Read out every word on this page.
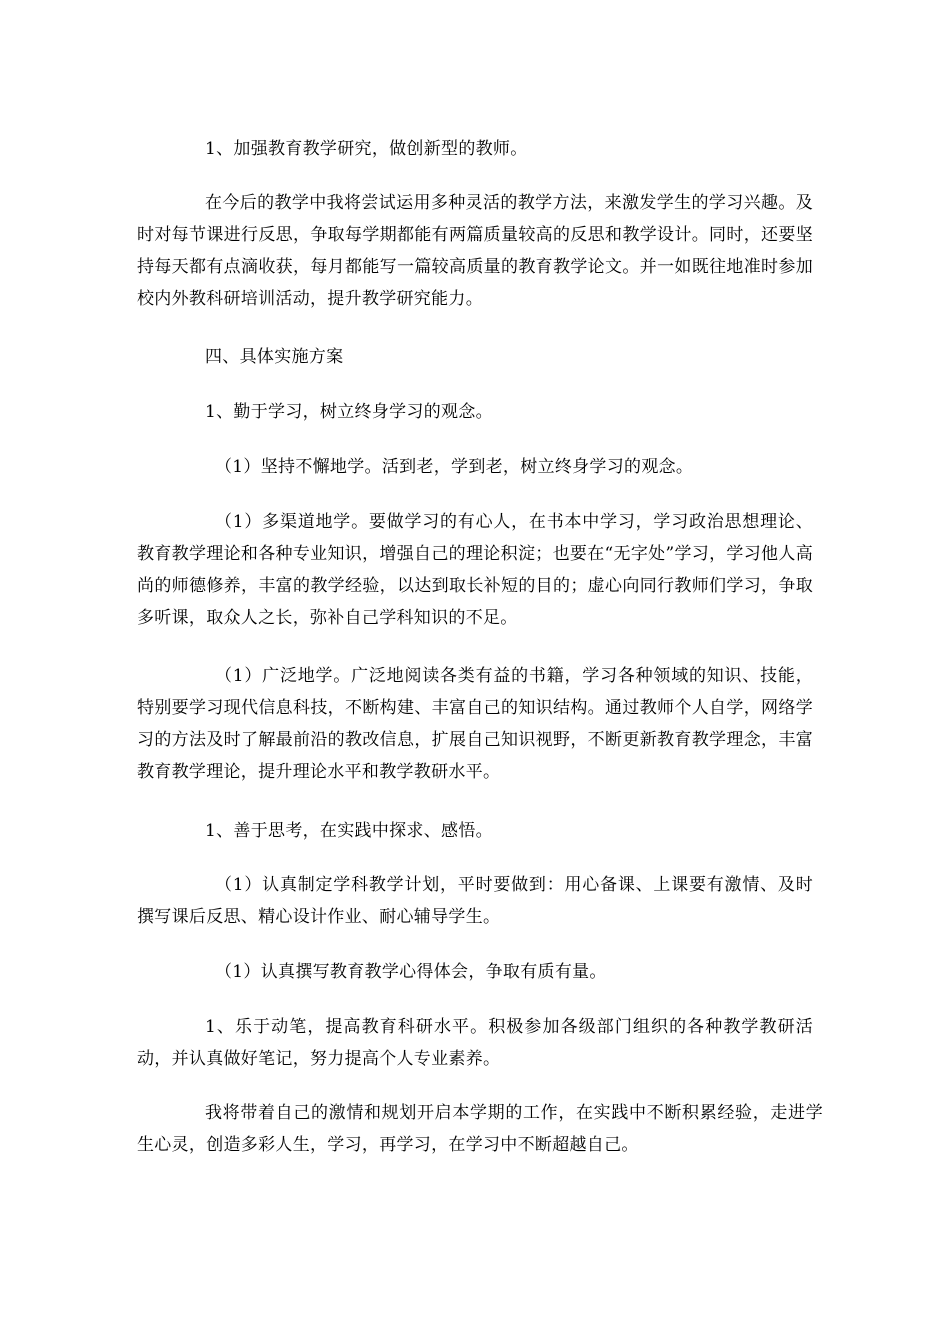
1、加强教育教学研究，做创新型的教师。

在今后的教学中我将尝试运用多种灵活的教学方法，来激发学生的学习兴趣。及时对每节课进行反思，争取每学期都能有两篇质量较高的反思和教学设计。同时，还要坚持每天都有点滴收获，每月都能写一篇较高质量的教育教学论文。并一如既往地准时参加校内外教科研培训活动，提升教学研究能力。

四、具体实施方案

1、勤于学习，树立终身学习的观念。

（1）坚持不懈地学。活到老，学到老，树立终身学习的观念。

（1）多渠道地学。要做学习的有心人，在书本中学习，学习政治思想理论、教育教学理论和各种专业知识，增强自己的理论积淀；也要在“无字处”学习，学习他人高尚的师德修养，丰富的教学经验，以达到取长补短的目的；虚心向同行教师们学习，争取多听课，取众人之长，弥补自己学科知识的不足。

（1）广泛地学。广泛地阅读各类有益的书籍，学习各种领域的知识、技能，特别要学习现代信息科技，不断构建、丰富自己的知识结构。通过教师个人自学，网络学习的方法及时了解最前沿的教改信息，扩展自己知识视野，不断更新教育教学理念，丰富教育教学理论，提升理论水平和教学教研水平。

1、善于思考，在实践中探求、感悟。

（1）认真制定学科教学计划，平时要做到：用心备课、上课要有激情、及时撰写课后反思、精心设计作业、耐心辅导学生。

（1）认真撰写教育教学心得体会，争取有质有量。

1、乐于动笔，提高教育科研水平。积极参加各级部门组织的各种教学教研活动，并认真做好笔记，努力提高个人专业素养。

我将带着自己的激情和规划开启本学期的工作，在实践中不断积累经验，走进学生心灵，创造多彩人生，学习，再学习，在学习中不断超越自己。
